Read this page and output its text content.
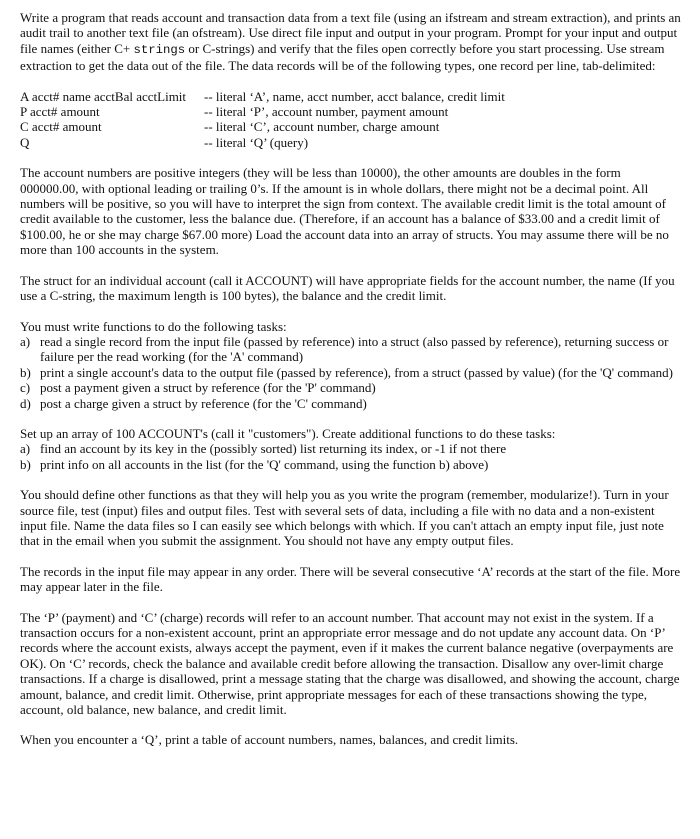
Write a program that reads account and transaction data from a text file (using an ifstream and stream extraction), and prints an audit trail to another text file (an ofstream). Use direct file input and output in your program. Prompt for your input and output file names (either C+ strings or C-strings) and verify that the files open correctly before you start processing. Use stream extraction to get the data out of the file. The data records will be of the following types, one record per line, tab-delimited:

A acct# name acctBal acctLimit	-- literal ‘A’, name, acct number, acct balance, credit limit
P acct# amount	-- literal ‘P’, account number, payment amount
C acct# amount	-- literal ‘C’, account number, charge amount
Q	-- literal ‘Q’ (query)

The account numbers are positive integers (they will be less than 10000), the other amounts are doubles in the form 000000.00, with optional leading or trailing 0’s. If the amount is in whole dollars, there might not be a decimal point. All numbers will be positive, so you will have to interpret the sign from context. The available credit limit is the total amount of credit available to the customer, less the balance due. (Therefore, if an account has a balance of $33.00 and a credit limit of $100.00, he or she may charge $67.00 more) Load the account data into an array of structs. You may assume there will be no more than 100 accounts in the system.

The struct for an individual account (call it ACCOUNT) will have appropriate fields for the account number, the name (If you use a C-string, the maximum length is 100 bytes), the balance and the credit limit.

You must write functions to do the following tasks:

a) read a single record from the input file (passed by reference) into a struct (also passed by reference), returning success or failure per the read working (for the 'A' command)
b) print a single account's data to the output file (passed by reference), from a struct (passed by value) (for the 'Q' command)
c) post a payment given a struct by reference (for the 'P' command)
d) post a charge given a struct by reference (for the 'C' command)

Set up an array of 100 ACCOUNT's (call it "customers"). Create additional functions to do these tasks:

a) find an account by its key in the (possibly sorted) list returning its index, or -1 if not there
b) print info on all accounts in the list (for the 'Q' command, using the function b) above)

You should define other functions as that they will help you as you write the program (remember, modularize!). Turn in your source file, test (input) files and output files. Test with several sets of data, including a file with no data and a non-existent input file. Name the data files so I can easily see which belongs with which. If you can't attach an empty input file, just note that in the email when you submit the assignment. You should not have any empty output files.

The records in the input file may appear in any order. There will be several consecutive ‘A’ records at the start of the file. More may appear later in the file.

The ‘P’ (payment) and ‘C’ (charge) records will refer to an account number. That account may not exist in the system. If a transaction occurs for a non-existent account, print an appropriate error message and do not update any account data. On ‘P’ records where the account exists, always accept the payment, even if it makes the current balance negative (overpayments are OK). On ‘C’ records, check the balance and available credit before allowing the transaction. Disallow any over-limit charge transactions. If a charge is disallowed, print a message stating that the charge was disallowed, and showing the account, charge amount, balance, and credit limit. Otherwise, print appropriate messages for each of these transactions showing the type, account, old balance, new balance, and credit limit.

When you encounter a ‘Q’, print a table of account numbers, names, balances, and credit limits.
